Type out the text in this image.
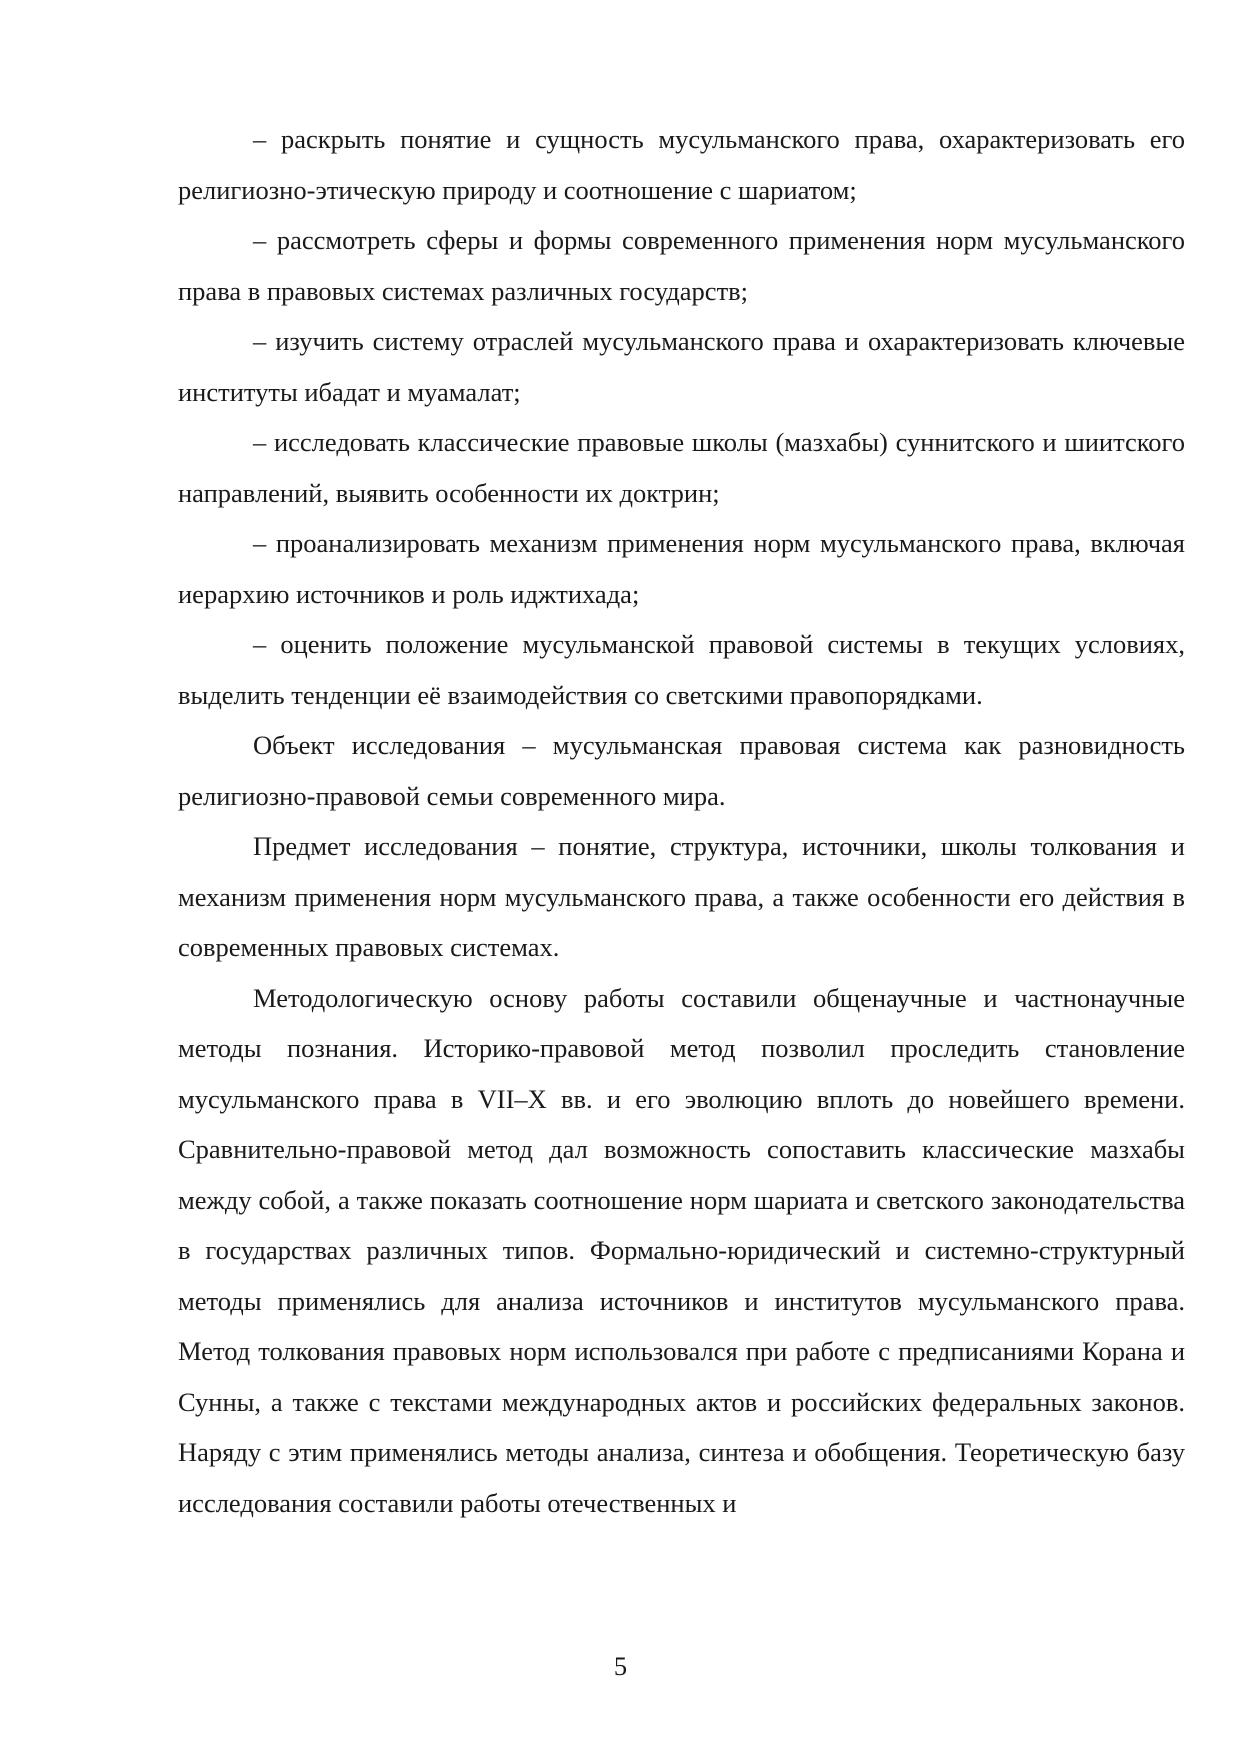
– раскрыть понятие и сущность мусульманского права, охарактеризовать его религиозно-этическую природу и соотношение с шариатом;

– рассмотреть сферы и формы современного применения норм мусульманского права в правовых системах различных государств;

– изучить систему отраслей мусульманского права и охарактеризовать ключевые институты ибадат и муамалат;

– исследовать классические правовые школы (мазхабы) суннитского и шиитского направлений, выявить особенности их доктрин;

– проанализировать механизм применения норм мусульманского права, включая иерархию источников и роль иджтихада;

– оценить положение мусульманской правовой системы в текущих условиях, выделить тенденции её взаимодействия со светскими правопорядками.

Объект исследования – мусульманская правовая система как разновидность религиозно-правовой семьи современного мира.

Предмет исследования – понятие, структура, источники, школы толкования и механизм применения норм мусульманского права, а также особенности его действия в современных правовых системах.

Методологическую основу работы составили общенаучные и частнонаучные методы познания. Историко-правовой метод позволил проследить становление мусульманского права в VII–X вв. и его эволюцию вплоть до новейшего времени. Сравнительно-правовой метод дал возможность сопоставить классические мазхабы между собой, а также показать соотношение норм шариата и светского законодательства в государствах различных типов. Формально-юридический и системно-структурный методы применялись для анализа источников и институтов мусульманского права. Метод толкования правовых норм использовался при работе с предписаниями Корана и Сунны, а также с текстами международных актов и российских федеральных законов. Наряду с этим применялись методы анализа, синтеза и обобщения. Теоретическую базу исследования составили работы отечественных и

5
